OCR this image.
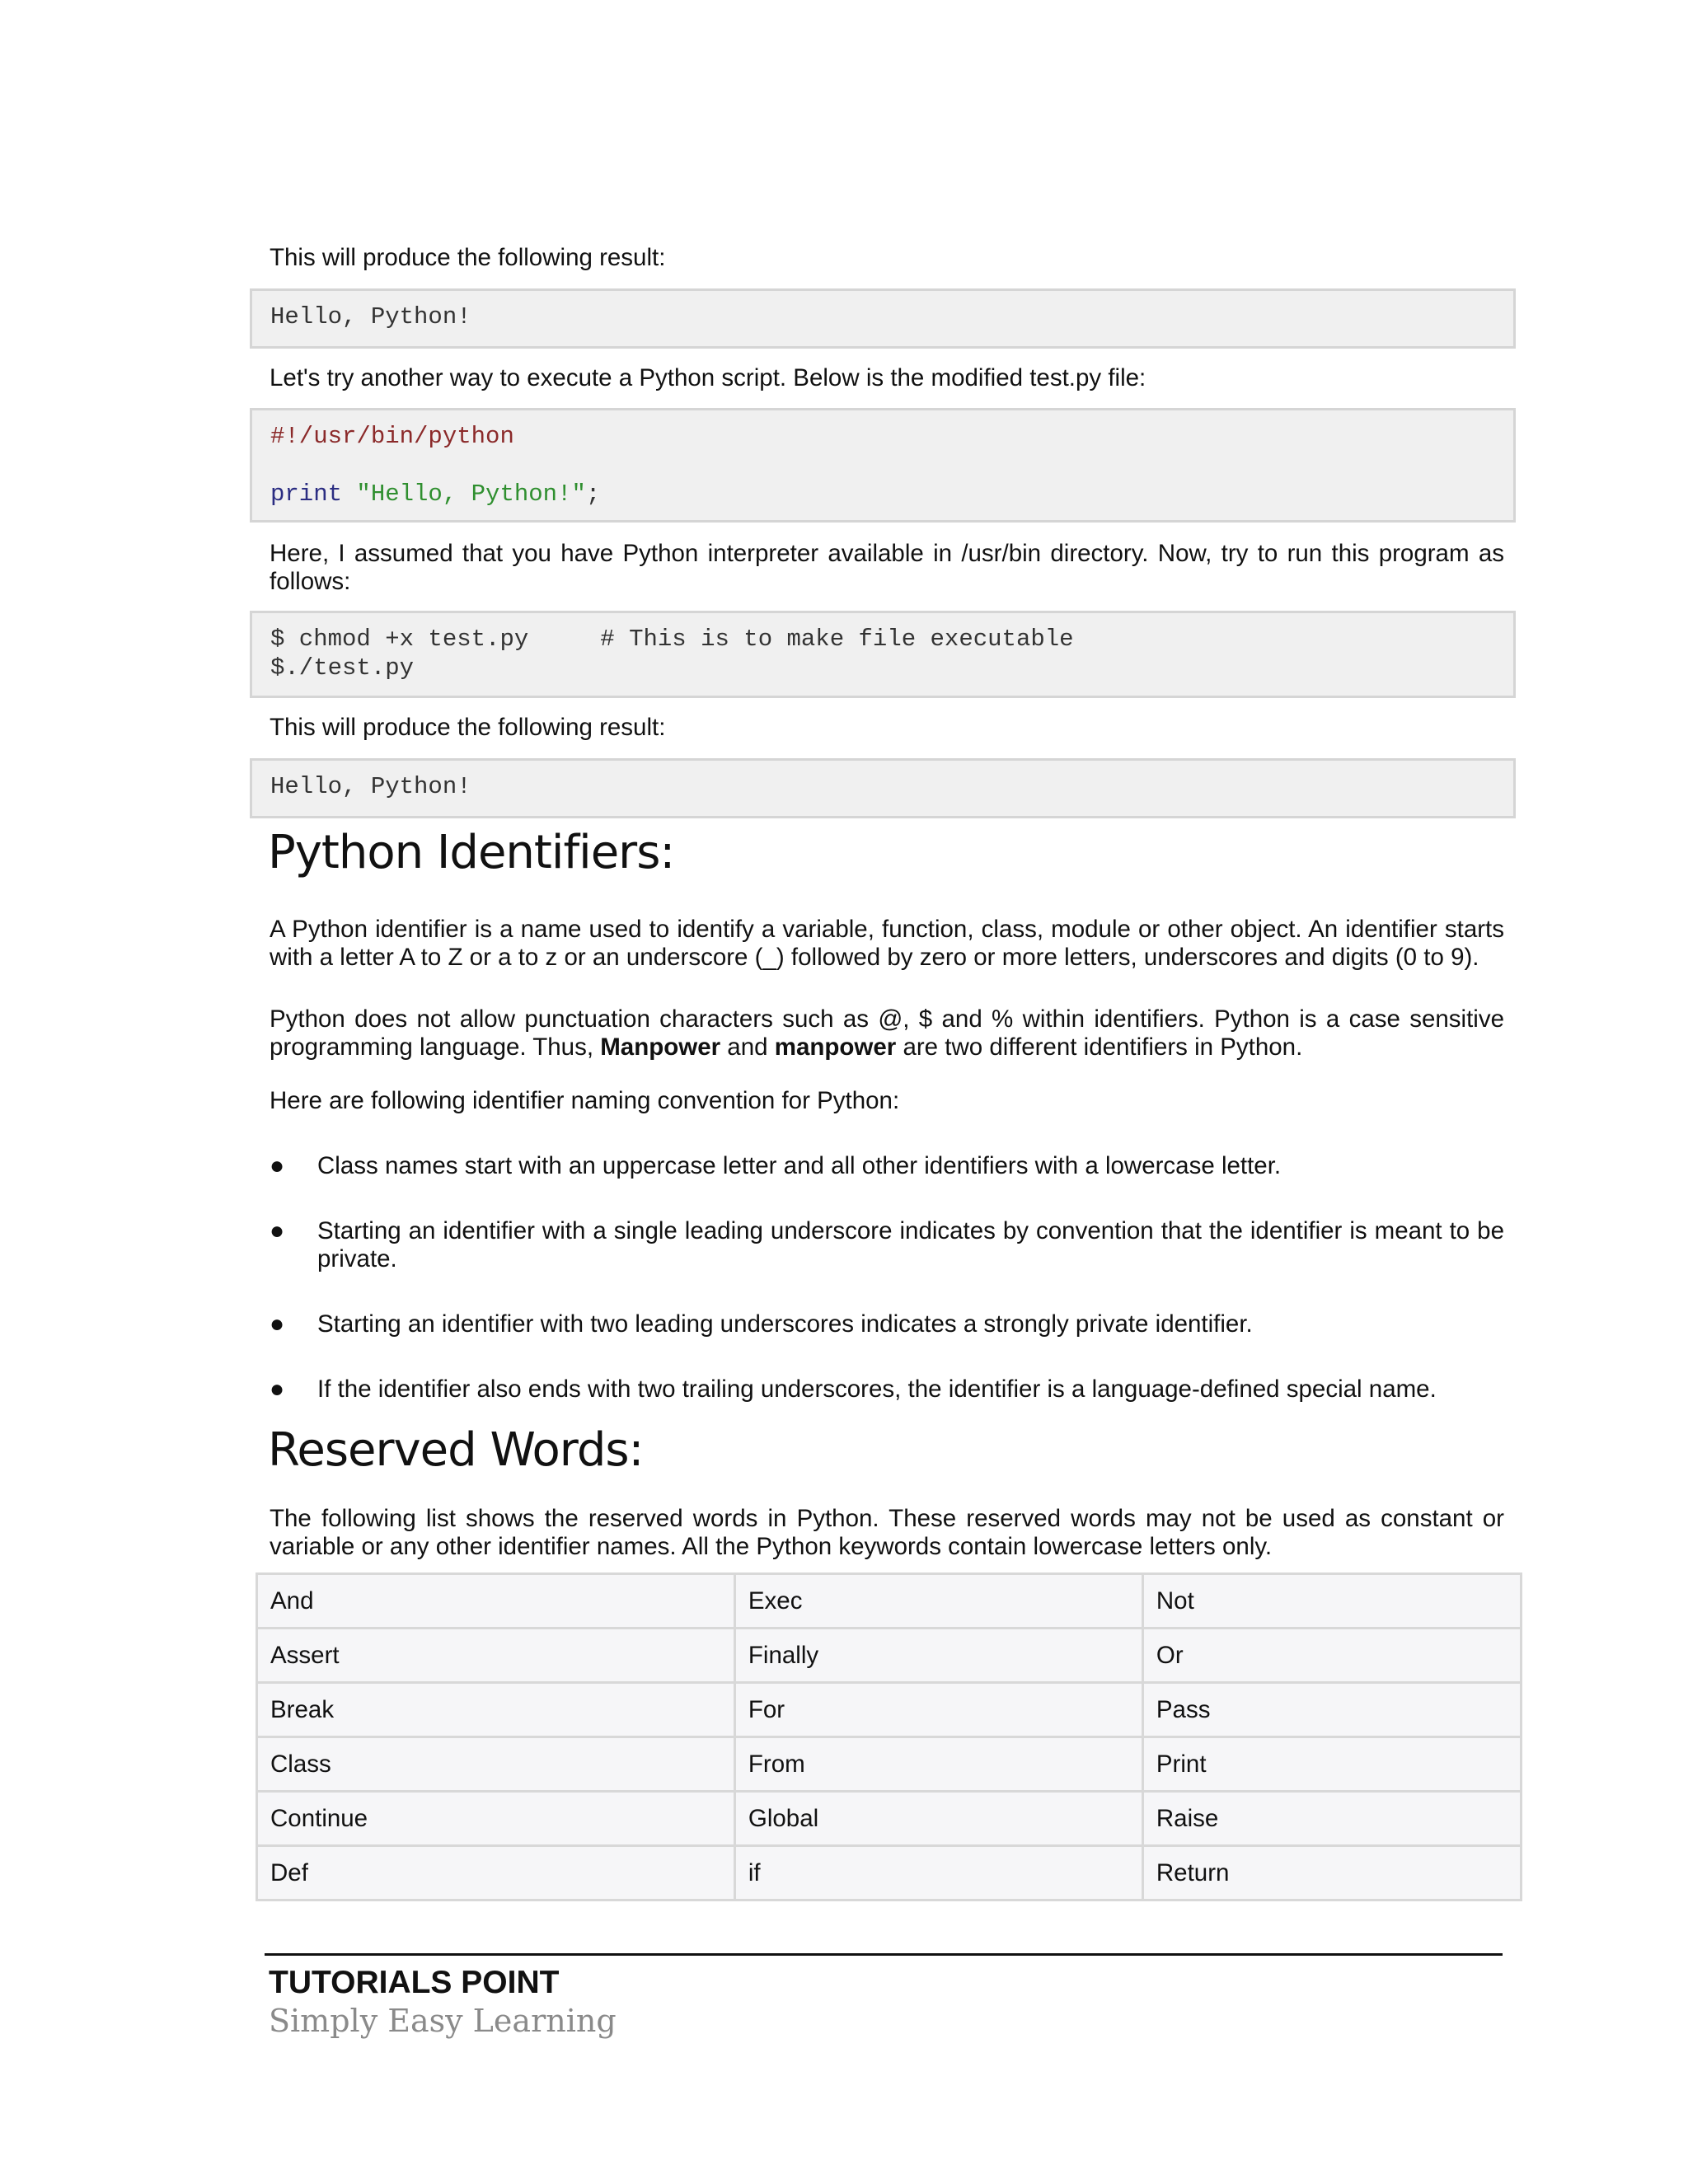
This will produce the following result:

Hello, Python!

Let's try another way to execute a Python script. Below is the modified test.py file:

#!/usr/bin/python

print "Hello, Python!";

Here, I assumed that you have Python interpreter available in /usr/bin directory. Now, try to run this program as follows:

$ chmod +x test.py     # This is to make file executable
$./test.py

This will produce the following result:

Hello, Python!
Python Identifiers:

A Python identifier is a name used to identify a variable, function, class, module or other object. An identifier starts with a letter A to Z or a to z or an underscore (_) followed by zero or more letters, underscores and digits (0 to 9).

Python does not allow punctuation characters such as @, $ and % within identifiers. Python is a case sensitive programming language. Thus, Manpower and manpower are two different identifiers in Python.

Here are following identifier naming convention for Python:

● Class names start with an uppercase letter and all other identifiers with a lowercase letter.
● Starting an identifier with a single leading underscore indicates by convention that the identifier is meant to be private.
● Starting an identifier with two leading underscores indicates a strongly private identifier.
● If the identifier also ends with two trailing underscores, the identifier is a language-defined special name.
Reserved Words:

The following list shows the reserved words in Python. These reserved words may not be used as constant or variable or any other identifier names. All the Python keywords contain lowercase letters only.

And	Exec	Not
Assert	Finally	Or
Break	For	Pass
Class	From	Print
Continue	Global	Raise
Def	if	Return
TUTORIALS POINT
Simply Easy Learning
